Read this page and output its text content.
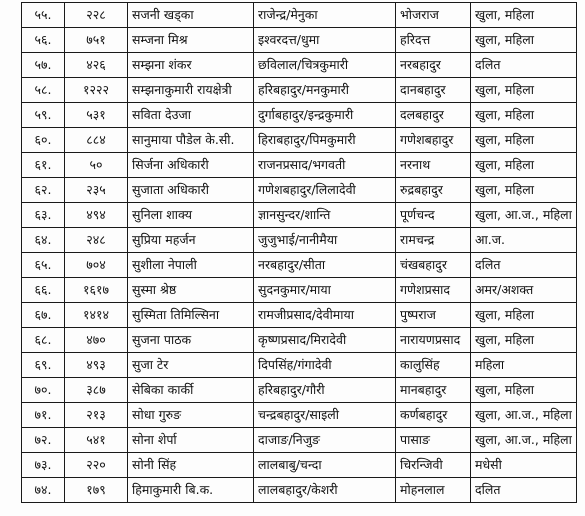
५५.	२२८	सजनी खड्का	राजेन्द्र/मेनुका	भोजराज	खुला, महिला
५६.	७५१	सम्जना मिश्र	इश्वरदत्त/धुमा	हरिदत्त	खुला, महिला
५७.	४२६	सम्झना शंकर	छविलाल/चित्रकुमारी	नरबहादुर	दलित
५८.	१२२२	सम्झनाकुमारी रायक्षेत्री	हरिबहादुर/मनकुमारी	दानबहादुर	खुला, महिला
५९.	५३१	सविता देउजा	दुर्गाबहादुर/इन्द्रकुमारी	दलबहादुर	खुला, महिला
६०.	८८४	सानुमाया पौडेल के.सी.	हिराबहादुर/पिमकुमारी	गणेशबहादुर	खुला, महिला
६१.	५०	सिर्जना अधिकारी	राजनप्रसाद/भगवती	नरनाथ	खुला, महिला
६२.	२३५	सुजाता अधिकारी	गणेशबहादुर/लिलादेवी	रुद्रबहादुर	खुला, महिला
६३.	४९४	सुनिला शाक्य	ज्ञानसुन्दर/शान्ति	पूर्णचन्द	खुला, आ.ज., महिला
६४.	२४८	सुप्रिया महर्जन	जुजुभाई/नानीमैया	रामचन्द्र	आ.ज.
६५.	७०४	सुशीला नेपाली	नरबहादुर/सीता	चंखबहादुर	दलित
६६.	१६१७	सुस्मा श्रेष्ठ	सुदनकुमार/माया	गणेशप्रसाद	अमर/अशक्त
६७.	१४१४	सुस्मिता तिमिल्सिना	रामजीप्रसाद/देवीमाया	पुष्पराज	खुला, महिला
६८.	४७०	सुजना पाठक	कृष्णप्रसाद/मिरादेवी	नारायणप्रसाद	खुला, महिला
६९.	४९३	सुजा टेर	दिपसिंह/गंगादेवी	कालुसिंह	महिला
७०.	३८७	सेबिका कार्की	हरिबहादुर/गौरी	मानबहादुर	खुला, महिला
७१.	२१३	सोधा गुरुङ	चन्द्रबहादुर/साइली	कर्णबहादुर	खुला, आ.ज., महिला
७२.	५४१	सोना शेर्पा	दाजाङ/निजुङ	पासाङ	खुला, आ.ज., महिला
७३.	२२०	सोनी सिंह	लालबाबु/चन्दा	चिरन्जिवी	मधेसी
७४.	१७९	हिमाकुमारी बि.क.	लालबहादुर/केशरी	मोहनलाल	दलित
